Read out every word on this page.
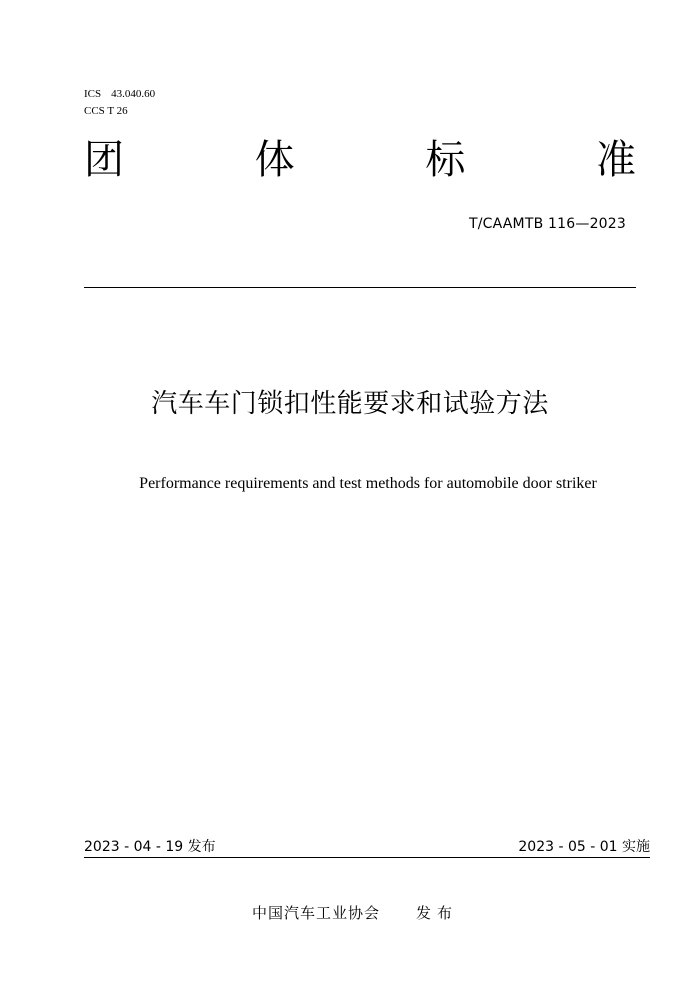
ICS 43.040.60
CCS T 26
团	体	标	准
T/CAAMTB 116—2023
汽车车门锁扣性能要求和试验方法
Performance requirements and test methods for automobile door striker
2023 - 04 - 19 发布	2023 - 05 - 01 实施
中国汽车工业协会 发布
